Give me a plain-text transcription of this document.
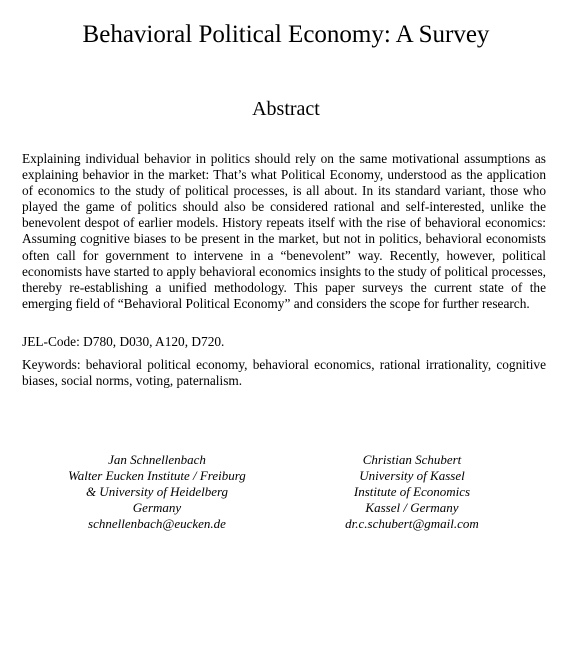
Behavioral Political Economy: A Survey
Abstract

Explaining individual behavior in politics should rely on the same motivational assumptions as explaining behavior in the market: That’s what Political Economy, understood as the application of economics to the study of political processes, is all about. In its standard variant, those who played the game of politics should also be considered rational and self-interested, unlike the benevolent despot of earlier models. History repeats itself with the rise of behavioral economics: Assuming cognitive biases to be present in the market, but not in politics, behavioral economists often call for government to intervene in a “benevolent” way. Recently, however, political economists have started to apply behavioral economics insights to the study of political processes, thereby re-establishing a unified methodology. This paper surveys the current state of the emerging field of “Behavioral Political Economy” and considers the scope for further research.

JEL-Code: D780, D030, A120, D720.

Keywords: behavioral political economy, behavioral economics, rational irrationality, cognitive biases, social norms, voting, paternalism.

Jan Schnellenbach
Walter Eucken Institute / Freiburg
& University of Heidelberg
Germany
schnellenbach@eucken.de
Christian Schubert
University of Kassel
Institute of Economics
Kassel / Germany
dr.c.schubert@gmail.com
